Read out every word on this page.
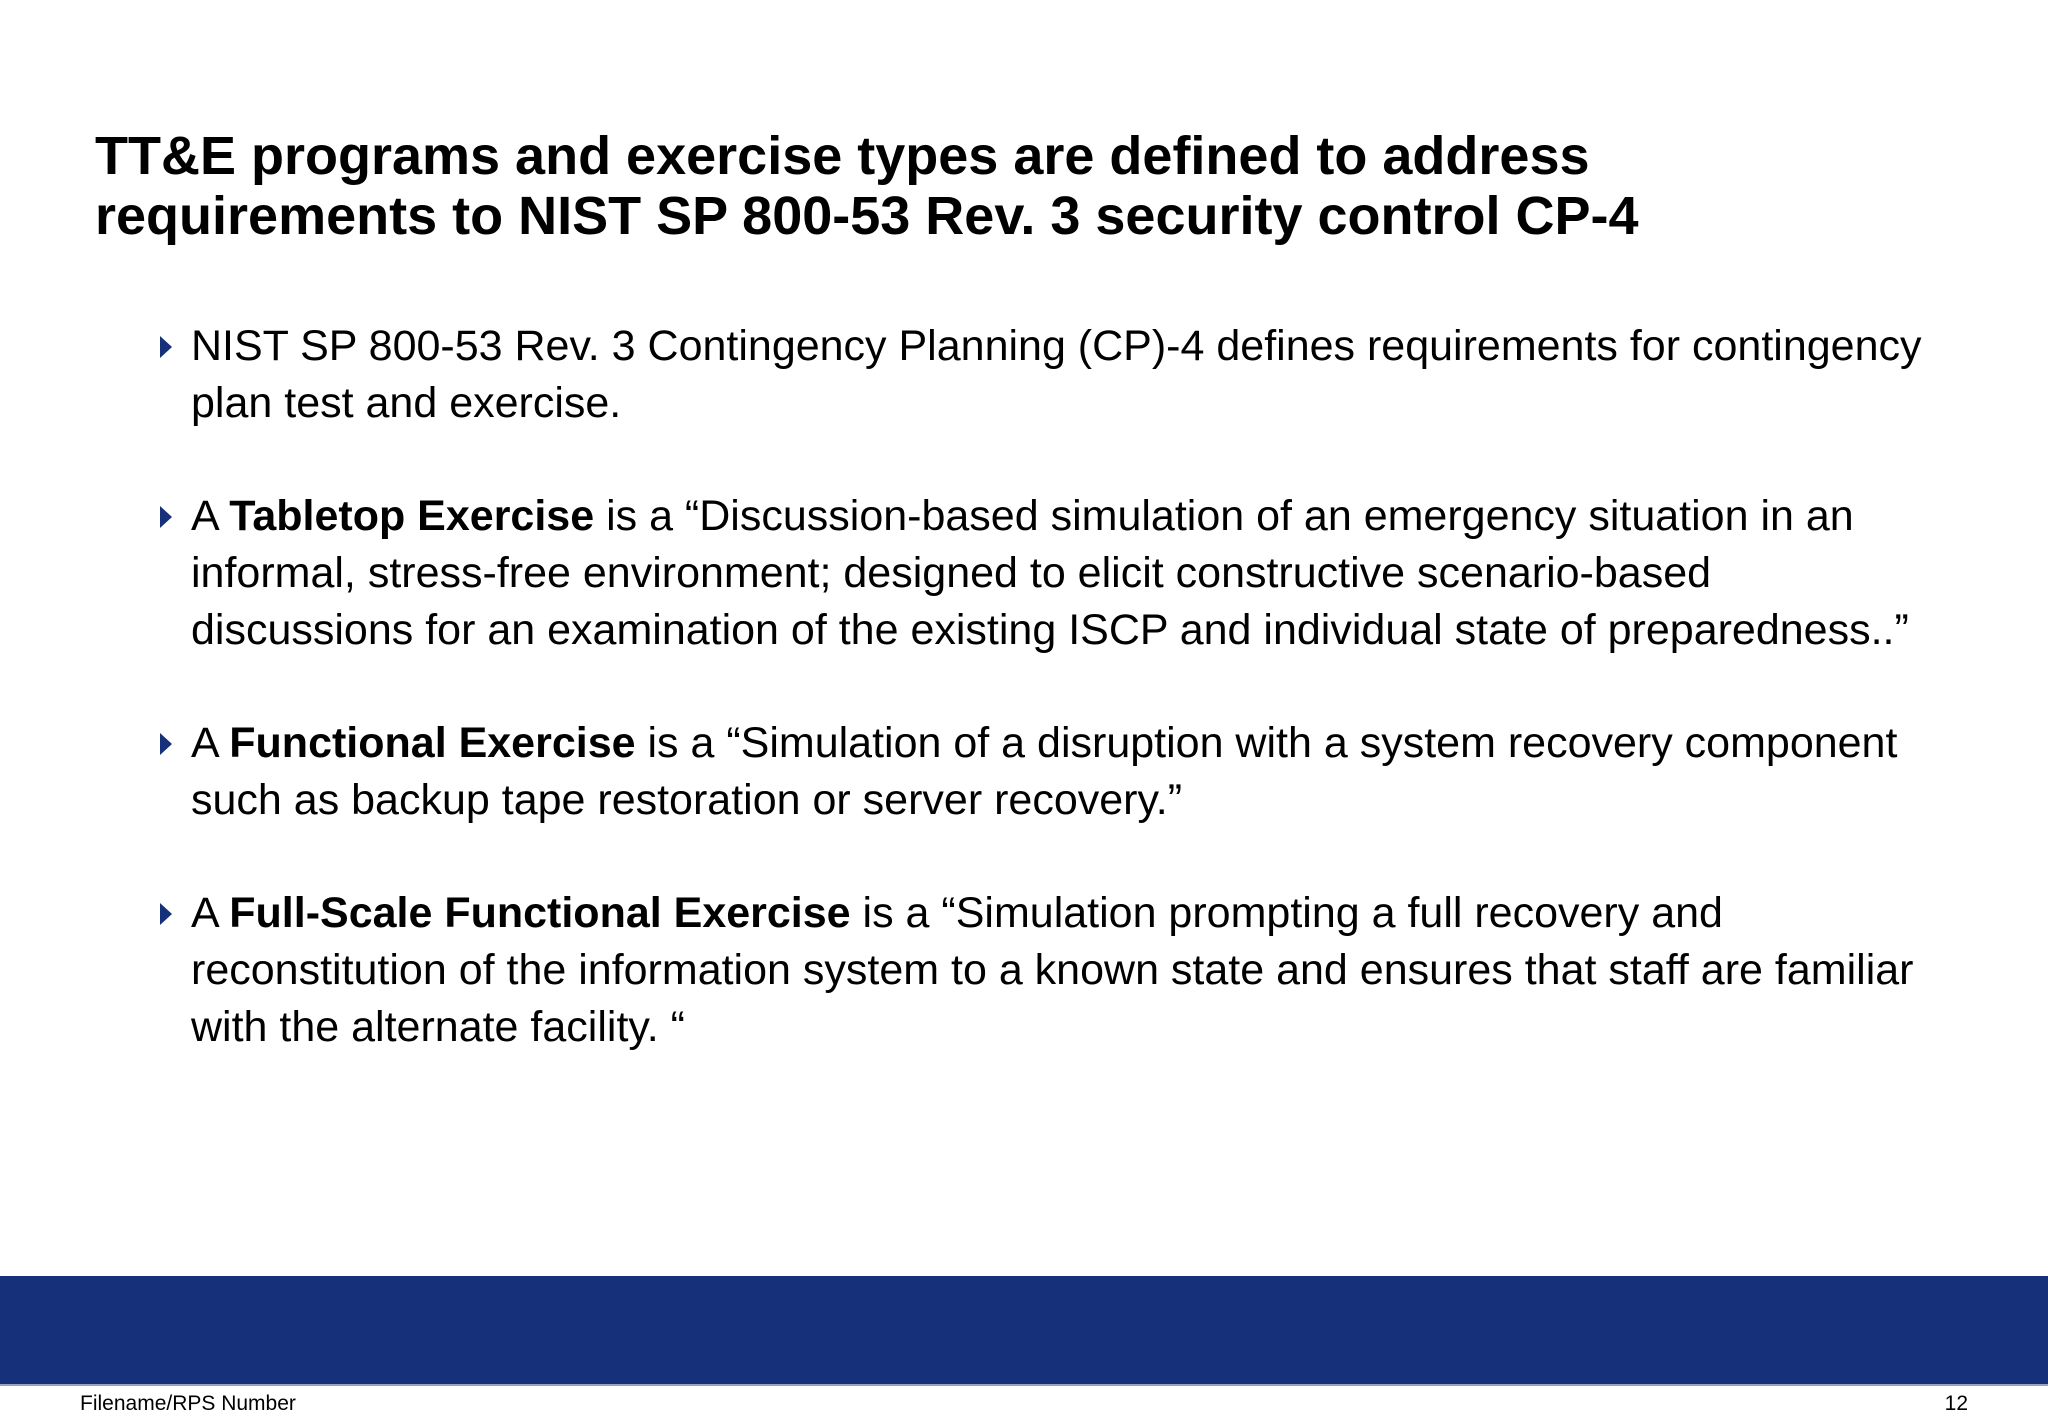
TT&E programs and exercise types are defined to address
requirements to NIST SP 800-53 Rev. 3 security control CP-4
NIST SP 800-53 Rev. 3 Contingency Planning (CP)-4 defines requirements for contingency plan test and exercise.
A Tabletop Exercise is a “Discussion-based simulation of an emergency situation in an informal, stress-free environment; designed to elicit constructive scenario-based discussions for an examination of the existing ISCP and individual state of preparedness..”
A Functional Exercise is a “Simulation of a disruption with a system recovery component such as backup tape restoration or server recovery.”
A Full-Scale Functional Exercise is a “Simulation prompting a full recovery and reconstitution of the information system to a known state and ensures that staff are familiar with the alternate facility. “
Filename/RPS Number	12
